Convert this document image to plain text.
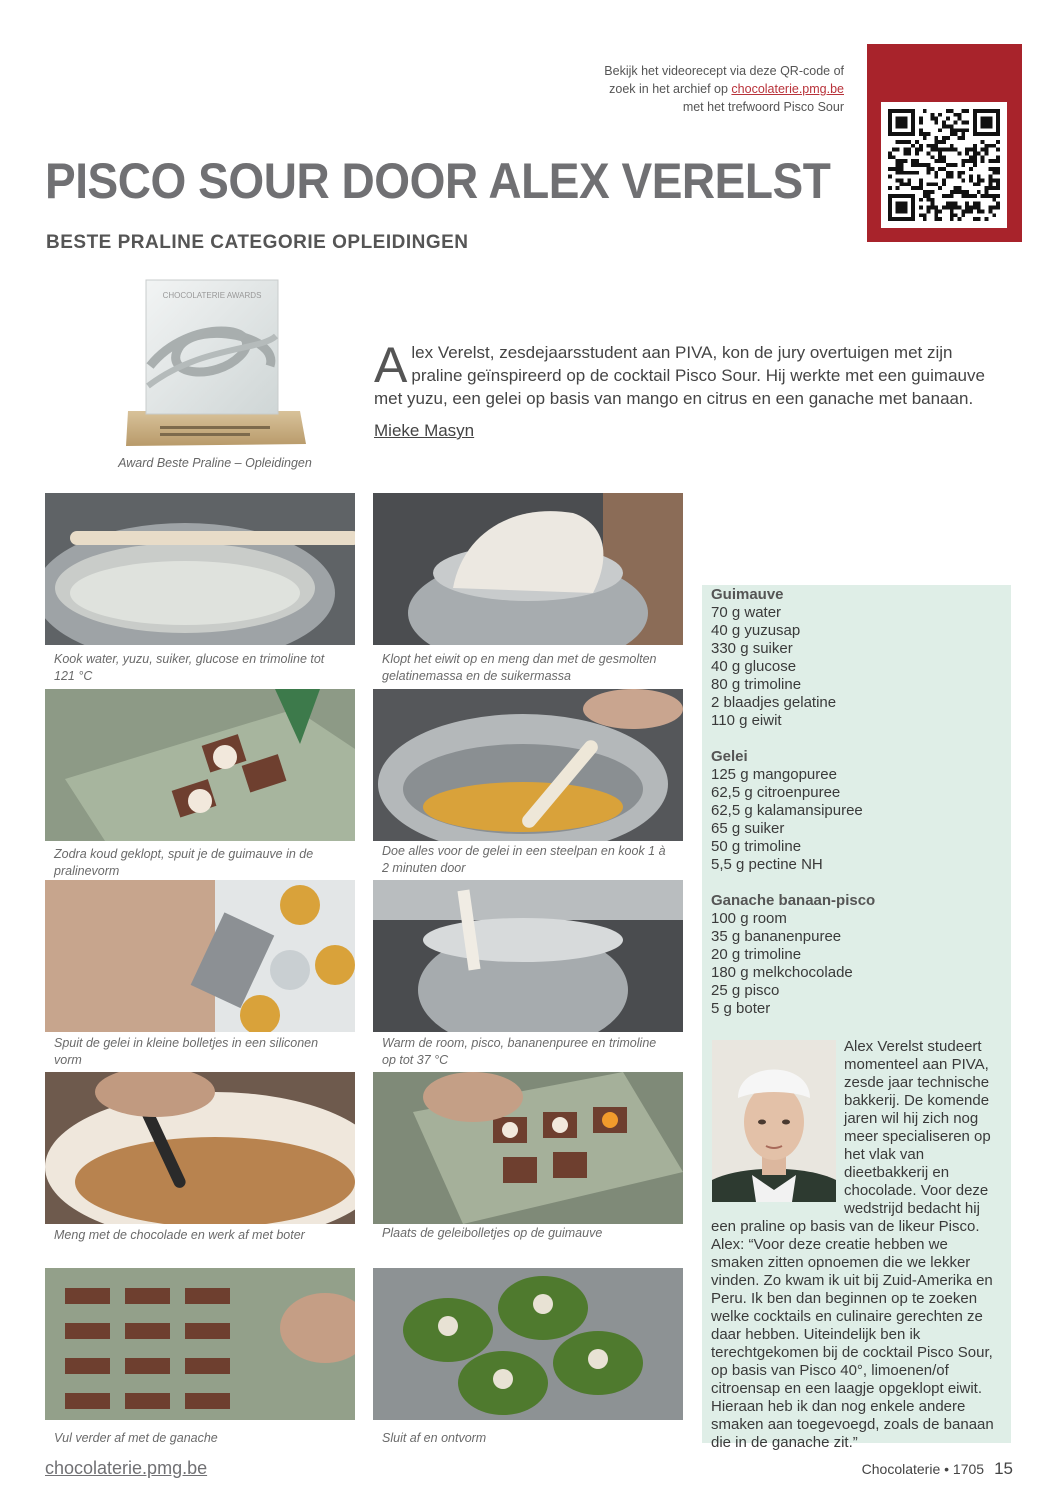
Bekijk het videorecept via deze QR-code of
zoek in het archief op chocolaterie.pmg.be
met het trefwoord Pisco Sour
PISCO SOUR DOOR ALEX VERELST
BESTE PRALINE CATEGORIE OPLEIDINGEN
CHOCOLATERIE AWARDS
Award Beste Praline – Opleidingen
Alex Verelst, zesdejaarsstudent aan PIVA, kon de jury overtuigen met zijn praline geïnspireerd op de cocktail Pisco Sour. Hij werkte met een guimauve met yuzu, een gelei op basis van mango en citrus en een ganache met banaan.
Mieke Masyn
Kook water, yuzu, suiker, glucose en trimoline tot 121 °C
Klopt het eiwit op en meng dan met de gesmolten gelatinemassa en de suikermassa
Zodra koud geklopt, spuit je de guimauve in de pralinevorm
Doe alles voor de gelei in een steelpan en kook 1 à 2 minuten door
Spuit de gelei in kleine bolletjes in een siliconen vorm
Warm de room, pisco, bananenpuree en trimoline op tot 37 °C
Meng met de chocolade en werk af met boter	Plaats de geleibolletjes op de guimauve
Vul verder af met de ganache	Sluit af en ontvorm
Guimauve
70 g water
40 g yuzusap
330 g suiker
40 g glucose
80 g trimoline
2 blaadjes gelatine
110 g eiwit
Gelei
125 g mangopuree
62,5 g citroenpuree
62,5 g kalamansipuree
65 g suiker
50 g trimoline
5,5 g pectine NH
Ganache banaan-pisco
100 g room
35 g bananenpuree
20 g trimoline
180 g melkchocolade
25 g pisco
5 g boter
Alex Verelst studeert momenteel aan PIVA, zesde jaar technische bakkerij. De komende jaren wil hij zich nog meer specialiseren op het vlak van dieetbakkerij en chocolade. Voor deze wedstrijd bedacht hij een praline op basis van de likeur Pisco. Alex: “Voor deze creatie hebben we smaken zitten opnoemen die we lekker vinden. Zo kwam ik uit bij Zuid-Amerika en Peru. Ik ben dan beginnen op te zoeken welke cocktails en culinaire gerechten ze daar hebben. Uiteindelijk ben ik terechtgekomen bij de cocktail Pisco Sour, op basis van Pisco 40°, limoenen/of citroensap en een laagje opgeklopt eiwit. Hieraan heb ik dan nog enkele andere smaken aan toegevoegd, zoals de banaan die in de ganache zit.”
chocolaterie.pmg.be	Chocolaterie • 1705 15
